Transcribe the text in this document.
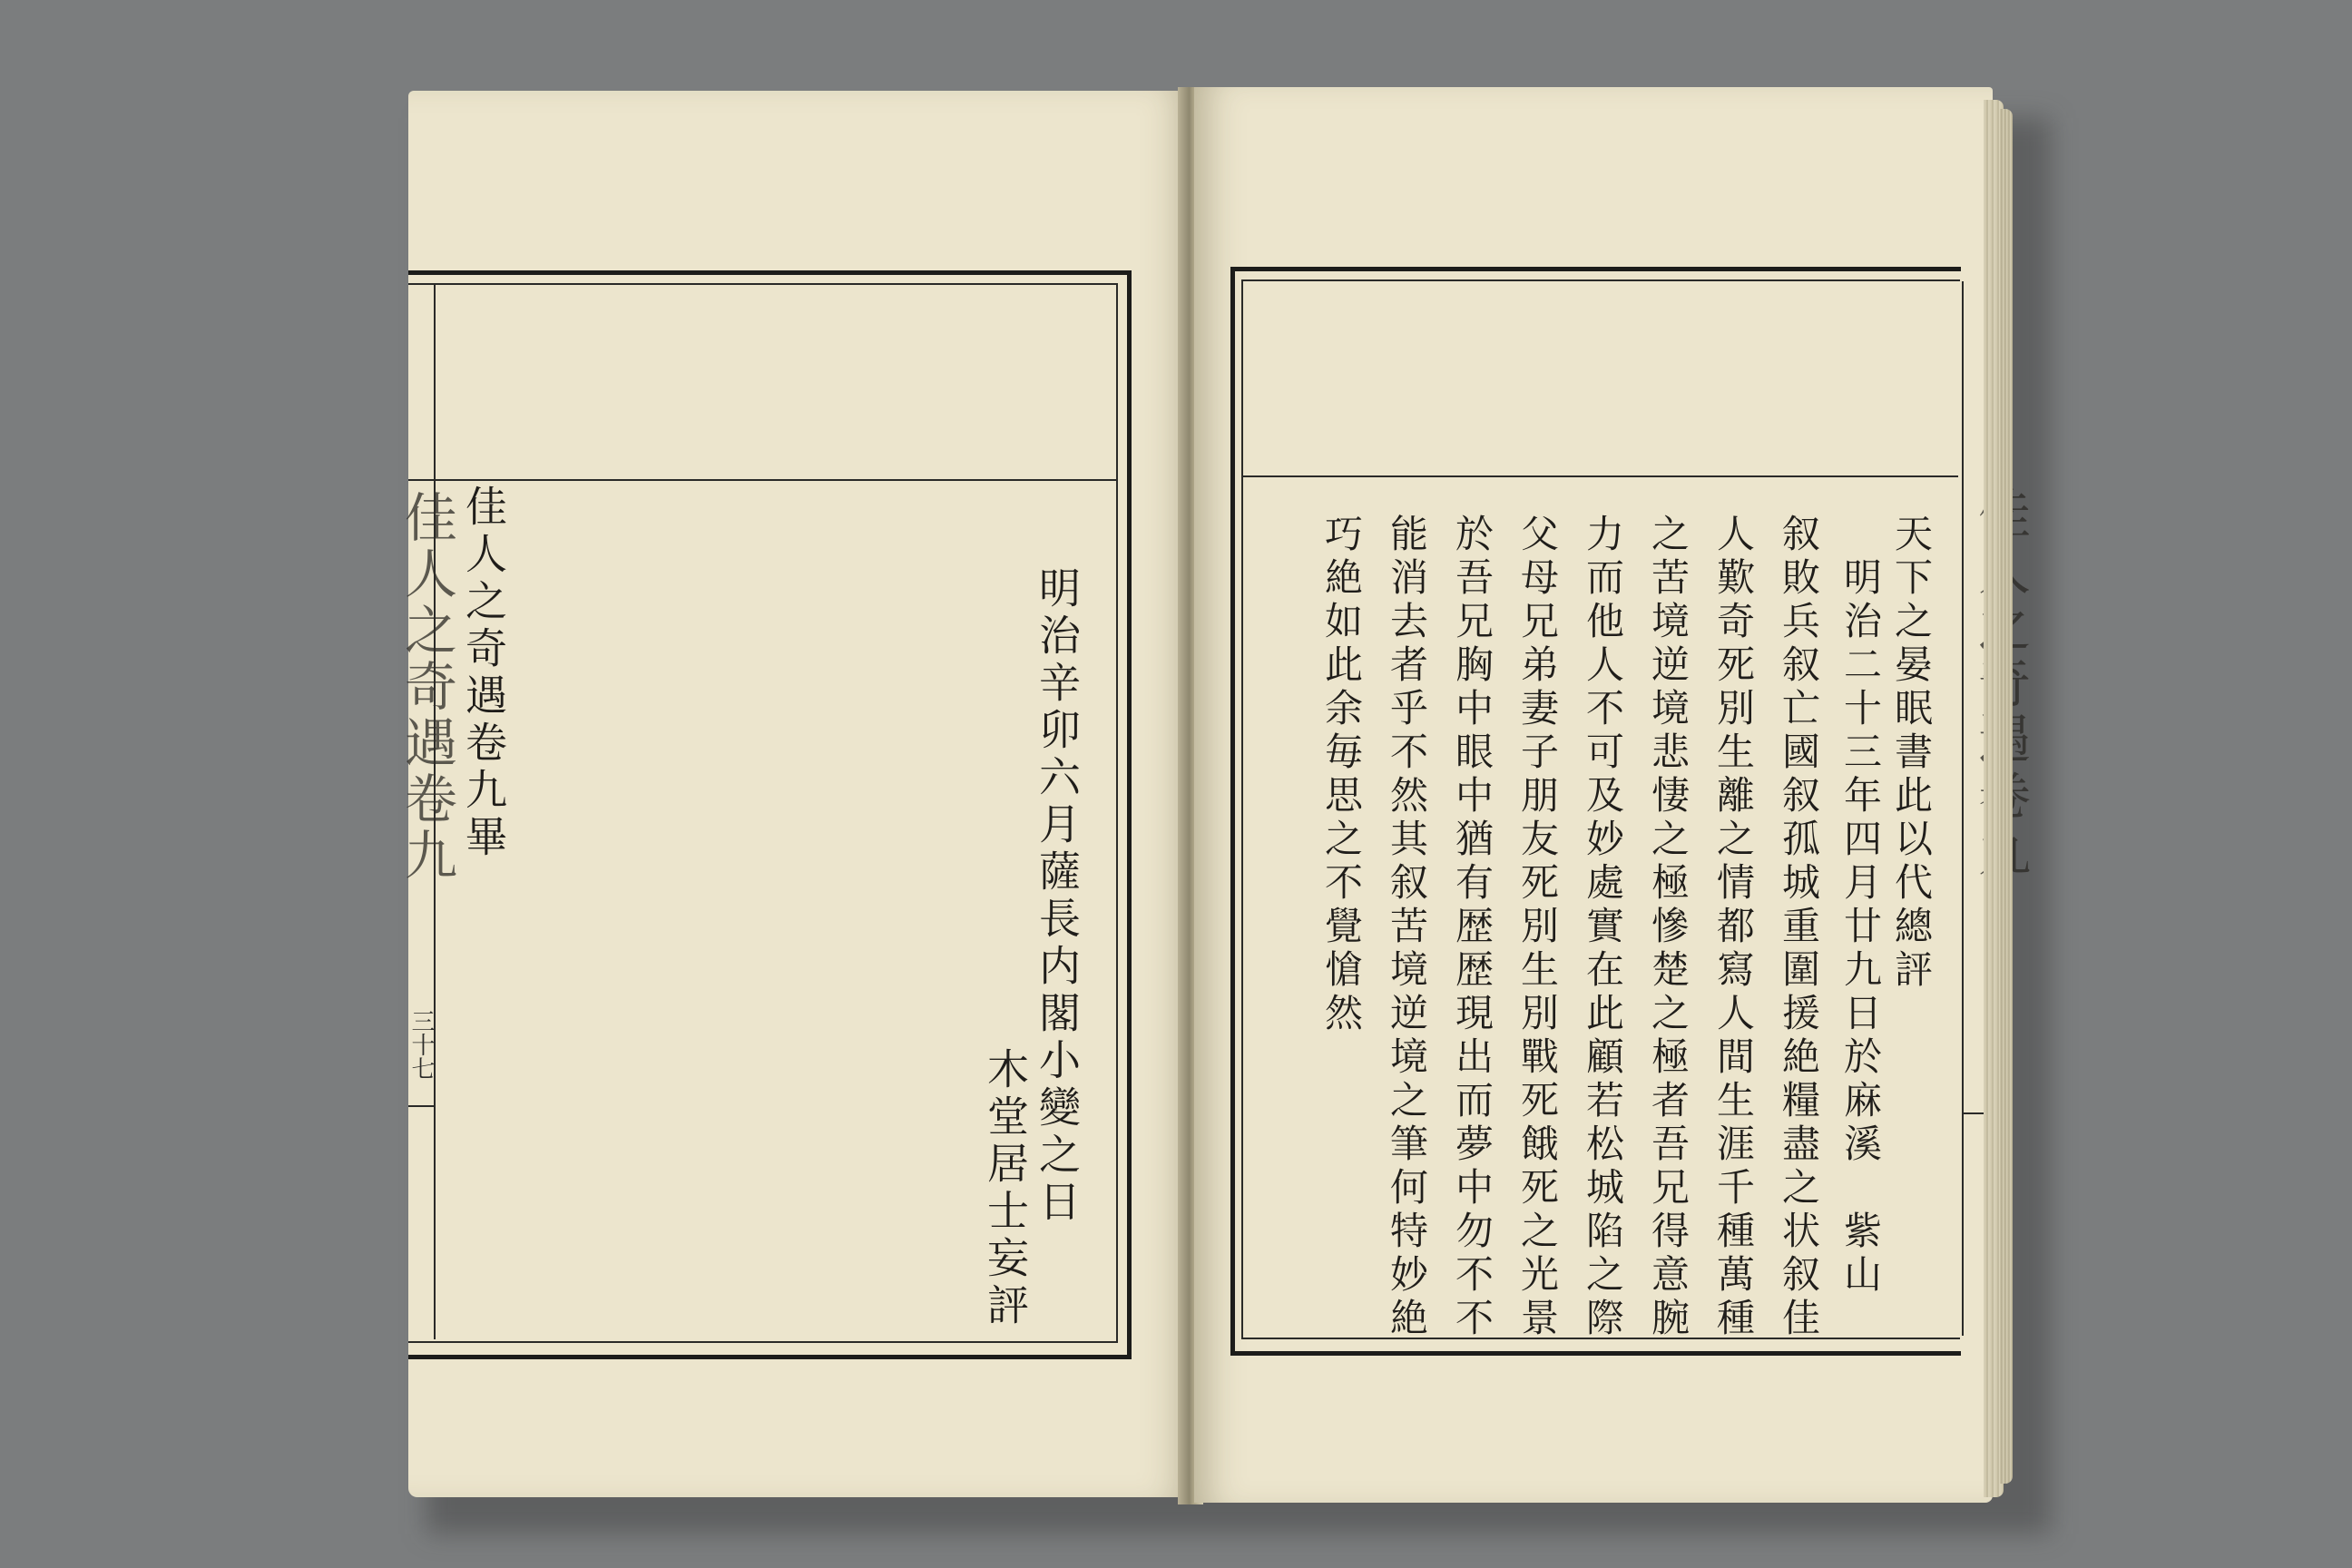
佳人之奇遇卷九
三十七
佳人之奇遇卷九畢	明治辛卯六月薩長内閣小變之日
木堂居士妄評
天下之晏眠書此以代總評
　明治二十三年四月廿九日於麻溪　紫山
叙敗兵叙亡國叙孤城重圍援絶糧盡之状叙佳
人歎奇死別生離之情都寫人間生涯千種萬種
之苦境逆境悲悽之極慘楚之極者吾兄得意腕
力而他人不可及妙處實在此顧若松城陷之際
父母兄弟妻子朋友死別生別戰死餓死之光景
於吾兄胸中眼中猶有歴歴現出而夢中勿不不
能消去者乎不然其叙苦境逆境之筆何特妙絶
巧絶如此余毎思之不覺愴然
